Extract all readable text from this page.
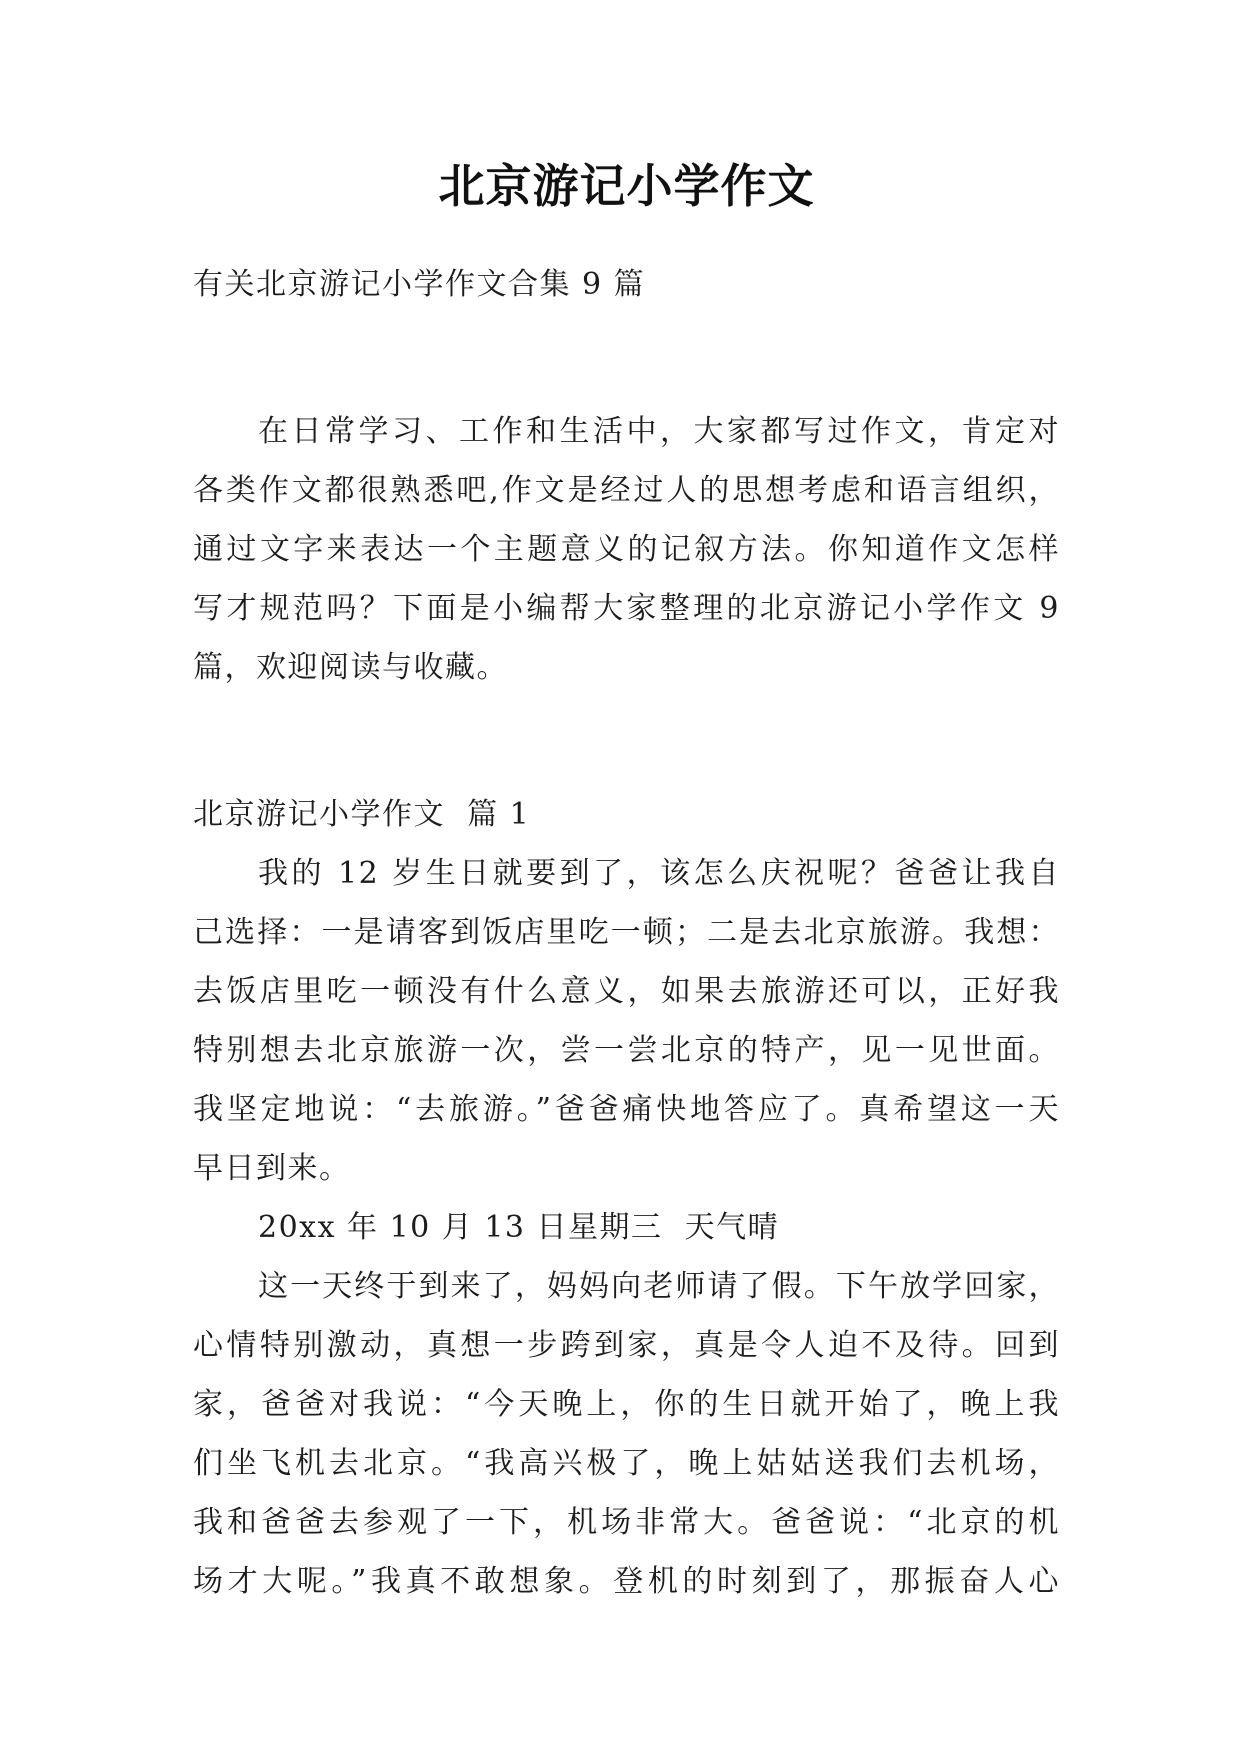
北京游记小学作文
有关北京游记小学作文合集 9 篇
在日常学习、工作和生活中，大家都写过作文，肯定对
各类作文都很熟悉吧,作文是经过人的思想考虑和语言组织，
通过文字来表达一个主题意义的记叙方法。你知道作文怎样
写才规范吗？下面是小编帮大家整理的北京游记小学作文 9
篇，欢迎阅读与收藏。
北京游记小学作文  篇 1
我的 12 岁生日就要到了，该怎么庆祝呢？爸爸让我自
己选择：一是请客到饭店里吃一顿；二是去北京旅游。我想：
去饭店里吃一顿没有什么意义，如果去旅游还可以，正好我
特别想去北京旅游一次，尝一尝北京的特产，见一见世面。
我坚定地说：“去旅游。”爸爸痛快地答应了。真希望这一天
早日到来。
20xx 年 10 月 13 日星期三  天气晴
这一天终于到来了，妈妈向老师请了假。下午放学回家，
心情特别激动，真想一步跨到家，真是令人迫不及待。回到
家，爸爸对我说：“今天晚上，你的生日就开始了，晚上我
们坐飞机去北京。“我高兴极了，晚上姑姑送我们去机场，
我和爸爸去参观了一下，机场非常大。爸爸说：“北京的机
场才大呢。”我真不敢想象。登机的时刻到了，那振奋人心
